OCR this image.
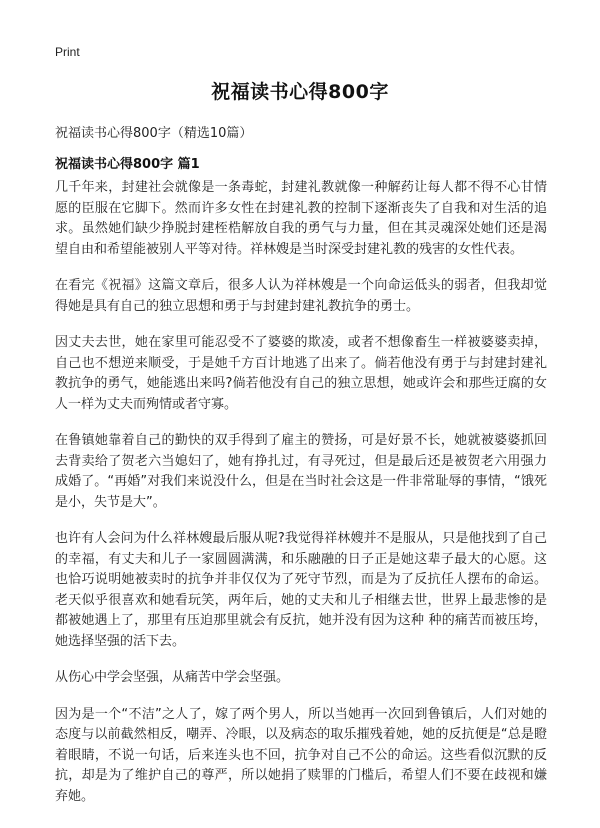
Print
祝福读书心得800字
祝福读书心得800字（精选10篇）
祝福读书心得800字 篇1

几千年来，封建社会就像是一条毒蛇，封建礼教就像一种解药让每人都不得不心甘情愿的臣服在它脚下。然而许多女性在封建礼教的控制下逐渐丧失了自我和对生活的追求。虽然她们缺少挣脱封建桎梏解放自我的勇气与力量，但在其灵魂深处她们还是渴望自由和希望能被别人平等对待。祥林嫂是当时深受封建礼教的残害的女性代表。

在看完《祝福》这篇文章后，很多人认为祥林嫂是一个向命运低头的弱者，但我却觉得她是具有自己的独立思想和勇于与封建封建礼教抗争的勇士。

因丈夫去世，她在家里可能忍受不了婆婆的欺凌，或者不想像畜生一样被婆婆卖掉，自己也不想逆来顺受，于是她千方百计地逃了出来了。倘若他没有勇于与封建封建礼教抗争的勇气，她能逃出来吗?倘若他没有自己的独立思想，她或许会和那些迂腐的女人一样为丈夫而殉情或者守寡。

在鲁镇她靠着自己的勤快的双手得到了雇主的赞扬，可是好景不长，她就被婆婆抓回去背卖给了贺老六当媳妇了，她有挣扎过，有寻死过，但是最后还是被贺老六用强力成婚了。“再婚”对我们来说没什么，但是在当时社会这是一件非常耻辱的事情，“饿死是小，失节是大”。

也许有人会问为什么祥林嫂最后服从呢?我觉得祥林嫂并不是服从，只是他找到了自己的幸福，有丈夫和儿子一家圆圆满满，和乐融融的日子正是她这辈子最大的心愿。这也恰巧说明她被卖时的抗争并非仅仅为了死守节烈，而是为了反抗任人摆布的命运。老天似乎很喜欢和她看玩笑，两年后，她的丈夫和儿子相继去世，世界上最悲惨的是都被她遇上了，那里有压迫那里就会有反抗，她并没有因为这种 种的痛苦而被压垮，她选择坚强的活下去。

从伤心中学会坚强，从痛苦中学会坚强。

因为是一个“不洁”之人了，嫁了两个男人，所以当她再一次回到鲁镇后，人们对她的态度与以前截然相反，嘲弄、冷眼，以及病态的取乐摧残着她，她的反抗便是“总是瞪着眼睛，不说一句话，后来连头也不回，抗争对自己不公的命运。这些看似沉默的反抗，却是为了维护自己的尊严，所以她捐了赎罪的门槛后，希望人们不要在歧视和嫌弃她。
